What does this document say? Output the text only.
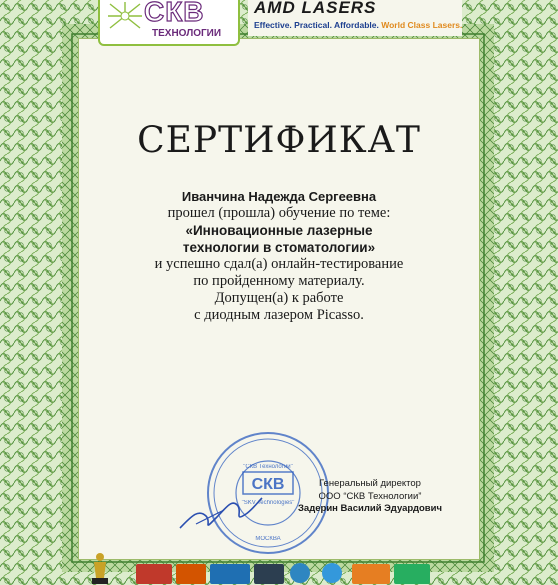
СКВ
ТЕХНОЛОГИИ
AMD LASERS
Effective. Practical. Affordable. World Class Lasers.
СЕРТИФИКАТ
Иванчина Надежда Сергеевна
прошел (прошла) обучение по теме:
«Инновационные лазерные
технологии в стоматологии»
и успешно сдал(а) онлайн-тестирование
по пройденному материалу.
Допущен(а) к работе
с диодным лазером Picasso.
СКВ
"СКВ Технологии"
"SKV Technologies"
МОСКВА
Генеральный директор
ООО “СКВ Технологии”
Задерин Василий Эдуардович
